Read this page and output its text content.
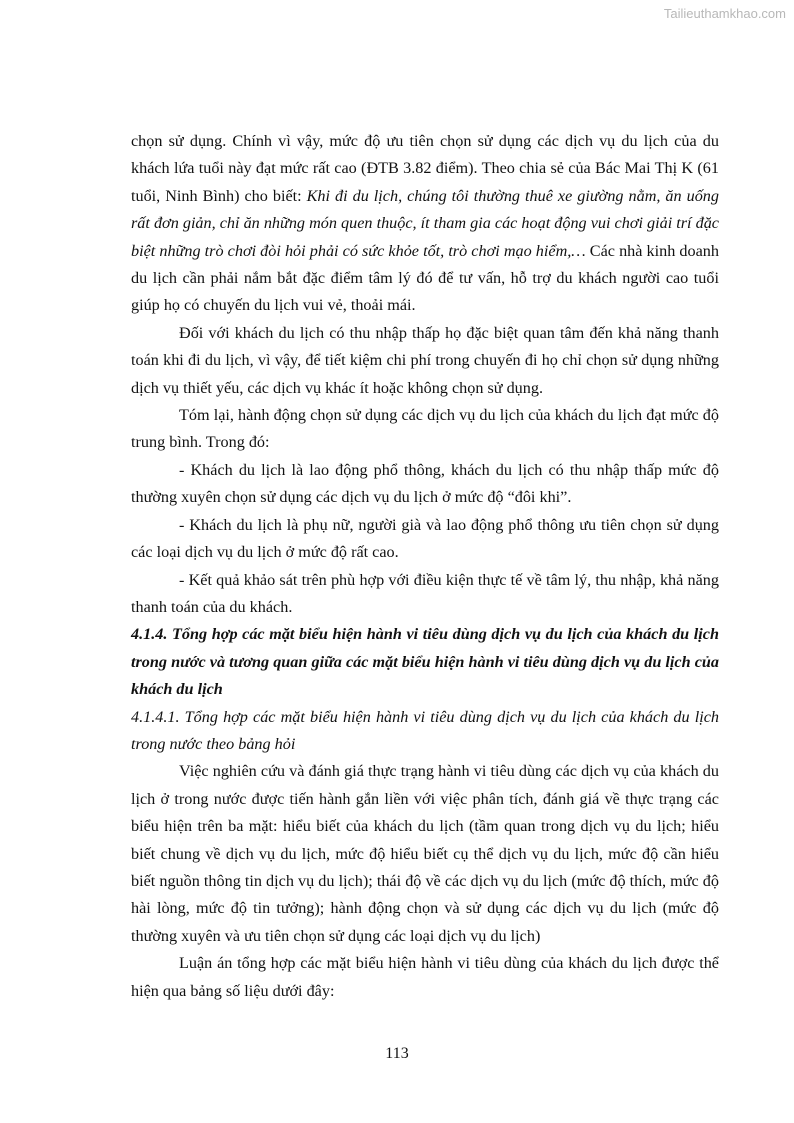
Tailieuthamkhao.com

chọn sử dụng. Chính vì vậy, mức độ ưu tiên chọn sử dụng các dịch vụ du lịch của du khách lứa tuổi này đạt mức rất cao (ĐTB 3.82 điểm). Theo chia sẻ của Bác Mai Thị K (61 tuổi, Ninh Bình) cho biết: Khi đi du lịch, chúng tôi thường thuê xe giường nằm, ăn uống rất đơn giản, chỉ ăn những món quen thuộc, ít tham gia các hoạt động vui chơi giải trí đặc biệt những trò chơi đòi hỏi phải có sức khỏe tốt, trò chơi mạo hiểm,… Các nhà kinh doanh du lịch cần phải nắm bắt đặc điểm tâm lý đó để tư vấn, hỗ trợ du khách người cao tuổi giúp họ có chuyến du lịch vui vẻ, thoải mái.

Đối với khách du lịch có thu nhập thấp họ đặc biệt quan tâm đến khả năng thanh toán khi đi du lịch, vì vậy, để tiết kiệm chi phí trong chuyến đi họ chỉ chọn sử dụng những dịch vụ thiết yếu, các dịch vụ khác ít hoặc không chọn sử dụng.

Tóm lại, hành động chọn sử dụng các dịch vụ du lịch của khách du lịch đạt mức độ trung bình. Trong đó:

- Khách du lịch là lao động phổ thông, khách du lịch có thu nhập thấp mức độ thường xuyên chọn sử dụng các dịch vụ du lịch ở mức độ “đôi khi”.

- Khách du lịch là phụ nữ, người già và lao động phổ thông ưu tiên chọn sử dụng các loại dịch vụ du lịch ở mức độ rất cao.

- Kết quả khảo sát trên phù hợp với điều kiện thực tế về tâm lý, thu nhập, khả năng thanh toán của du khách.

4.1.4. Tổng hợp các mặt biểu hiện hành vi tiêu dùng dịch vụ du lịch của khách du lịch trong nước và tương quan giữa các mặt biểu hiện hành vi tiêu dùng dịch vụ du lịch của khách du lịch

4.1.4.1. Tổng hợp các mặt biểu hiện hành vi tiêu dùng dịch vụ du lịch của khách du lịch trong nước theo bảng hỏi

Việc nghiên cứu và đánh giá thực trạng hành vi tiêu dùng các dịch vụ của khách du lịch ở trong nước được tiến hành gắn liền với việc phân tích, đánh giá về thực trạng các biểu hiện trên ba mặt: hiểu biết của khách du lịch (tầm quan trong dịch vụ du lịch; hiểu biết chung về dịch vụ du lịch, mức độ hiểu biết cụ thể dịch vụ du lịch, mức độ cần hiểu biết nguồn thông tin dịch vụ du lịch); thái độ về các dịch vụ du lịch (mức độ thích, mức độ hài lòng, mức độ tin tưởng); hành động chọn và sử dụng các dịch vụ du lịch (mức độ thường xuyên và ưu tiên chọn sử dụng các loại dịch vụ du lịch)

Luận án tổng hợp các mặt biểu hiện hành vi tiêu dùng của khách du lịch được thể hiện qua bảng số liệu dưới đây:

113
